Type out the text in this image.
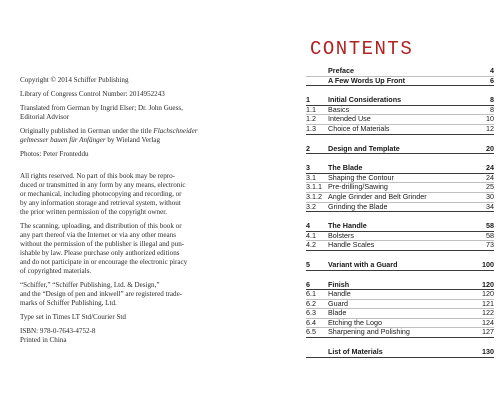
Copyright © 2014 Schiffer Publishing

Library of Congress Control Number: 2014952243

Translated from German by Ingrid Elser; Dr. John Guess,
Editorial Advisor

Originally published in German under the title Flachschneider
gelmesser bauen für Anfänger by Wieland Verlag

Photos: Peter Fronteddu

All rights reserved. No part of this book may be repro-
duced or transmitted in any form by any means, electronic
or mechanical, including photocopying and recording, or
by any information storage and retrieval system, without
the prior written permission of the copyright owner.

The scanning, uploading, and distribution of this book or
any part thereof via the Internet or via any other means
without the permission of the publisher is illegal and pun-
ishable by law. Please purchase only authorized editions
and do not participate in or encourage the electronic piracy
of copyrighted materials.

“Schiffer,” “Schiffer Publishing, Ltd. & Design,”
and the “Design of pen and inkwell” are registered trade-
marks of Schiffer Publishing, Ltd.

Type set in Times LT Std/Courier Std

ISBN: 978-0-7643-4752-8
Printed in China

CONTENTS
Preface	4
A Few Words Up Front	6
1	Initial Considerations	8
1.1	Basics	8
1.2	Intended Use	10
1.3	Choice of Materials	12
2	Design and Template	20
3	The Blade	24
3.1	Shaping the Contour	24
3.1.1 Pre-drilling/Sawing	25
3.1.2 Angle Grinder and Belt Grinder	30
3.2	Grinding the Blade	34
4	The Handle	58
4.1	Bolsters	58
4.2	Handle Scales	73
5	Variant with a Guard	100
6	Finish	120
6.1	Handle	120
6.2	Guard	121
6.3	Blade	122
6.4	Etching the Logo	124
6.5	Sharpening and Polishing	127
List of Materials	130
